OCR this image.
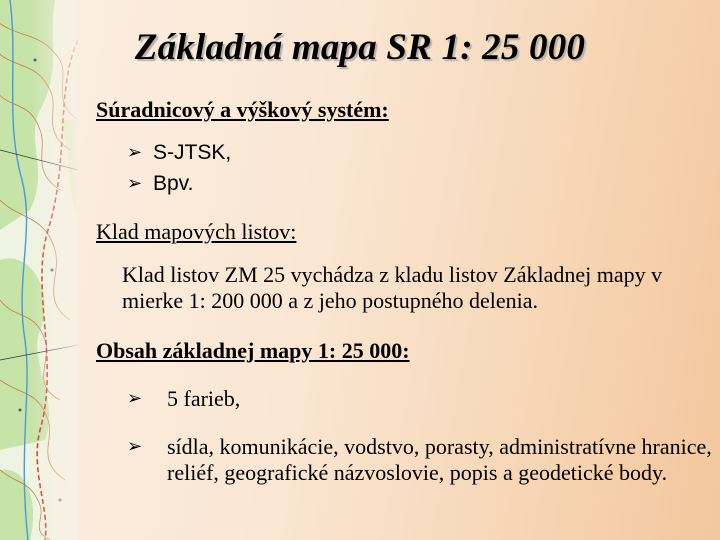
Základná mapa SR 1: 25 000
Súradnicový a výškový systém:
➢ S-JTSK,
➢ Bpv.
Klad mapových listov:

Klad listov ZM 25 vychádza z kladu listov Základnej mapy v mierke 1: 200 000 a z jeho postupného delenia.

Obsah základnej mapy 1: 25 000:
➢	5 farieb,
➢	sídla, komunikácie, vodstvo, porasty, administratívne hranice, reliéf, geografické názvoslovie, popis a geodetické body.
